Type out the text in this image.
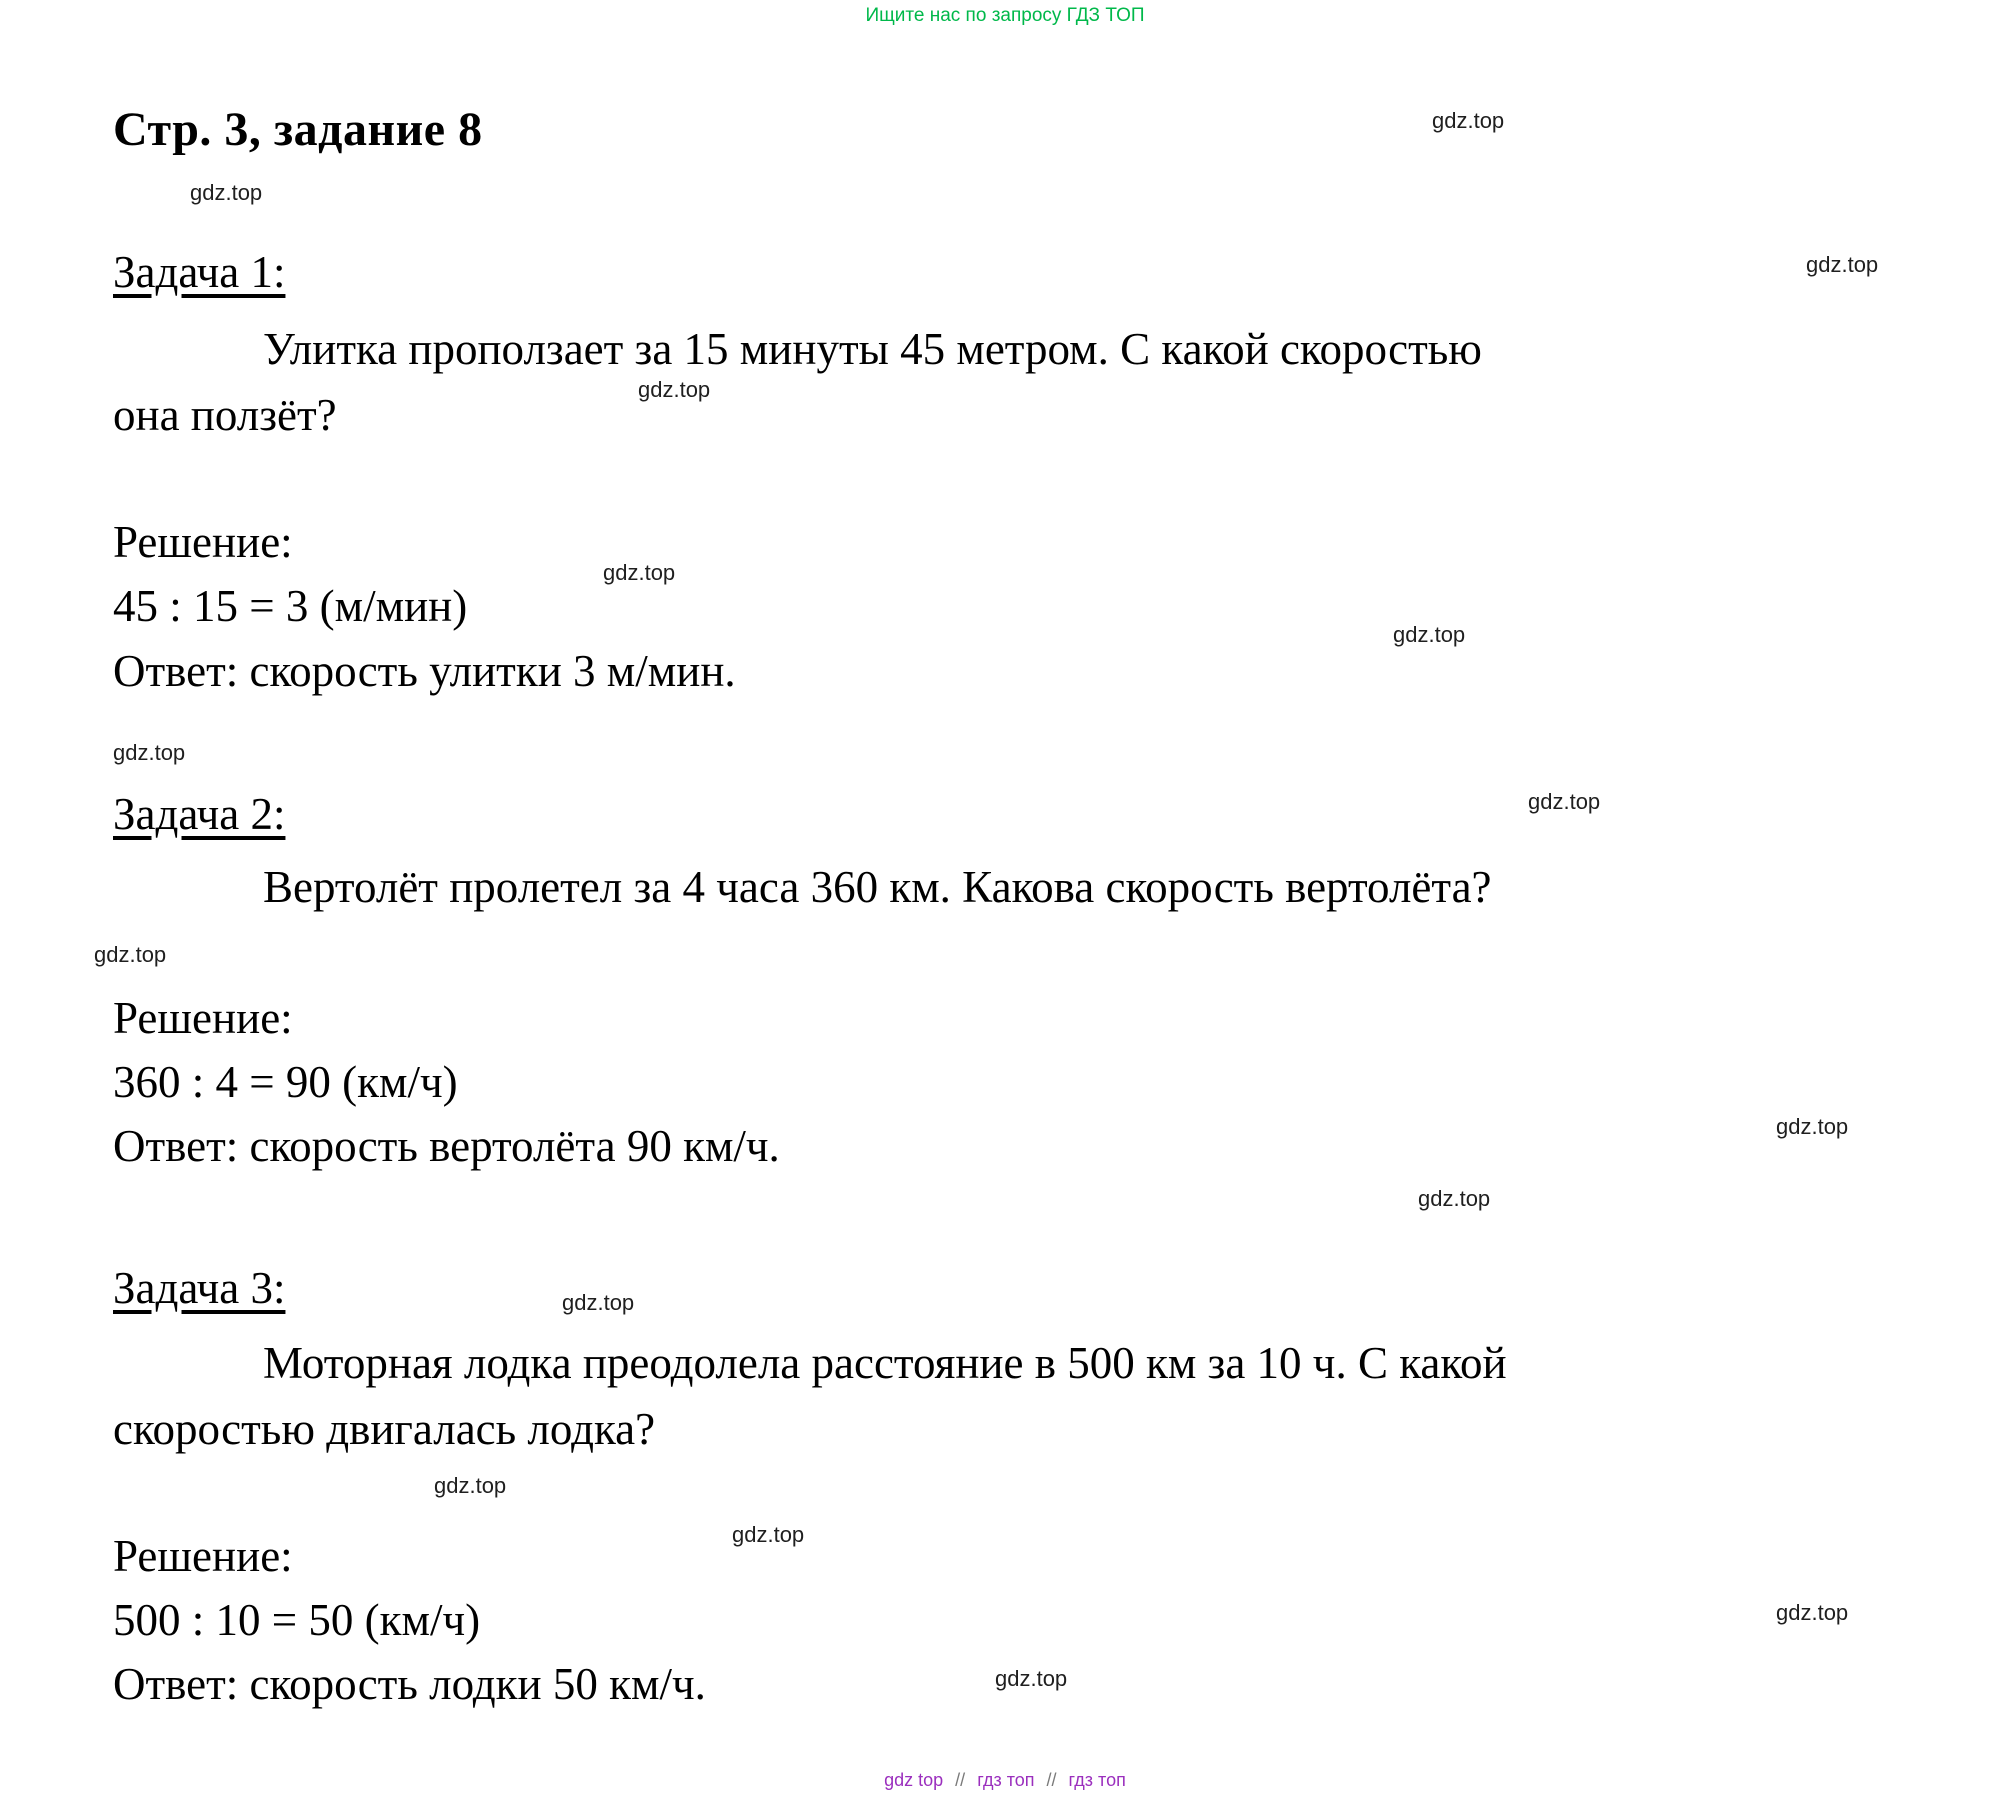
Ищите нас по запросу ГДЗ ТОП
Стр. 3, задание 8
Задача 1:
Улитка проползает за 15 минуты 45 метром. С какой скоростью
она ползёт?
Решение:
45 : 15 = 3 (м/мин)
Ответ: скорость улитки 3 м/мин.
Задача 2:
Вертолёт пролетел за 4 часа 360 км. Какова скорость вертолёта?
Решение:
360 : 4 = 90 (км/ч)
Ответ: скорость вертолёта 90 км/ч.
Задача 3:
Моторная лодка преодолела расстояние в 500 км за 10 ч. С какой
скоростью двигалась лодка?
Решение:
500 : 10 = 50 (км/ч)
Ответ: скорость лодки 50 км/ч.
gdz.top
gdz.top
gdz.top
gdz.top
gdz.top
gdz.top
gdz.top
gdz.top
gdz.top
gdz.top
gdz.top
gdz.top
gdz.top
gdz.top
gdz.top
gdz.top
gdz top // гдз топ // гдз топ
